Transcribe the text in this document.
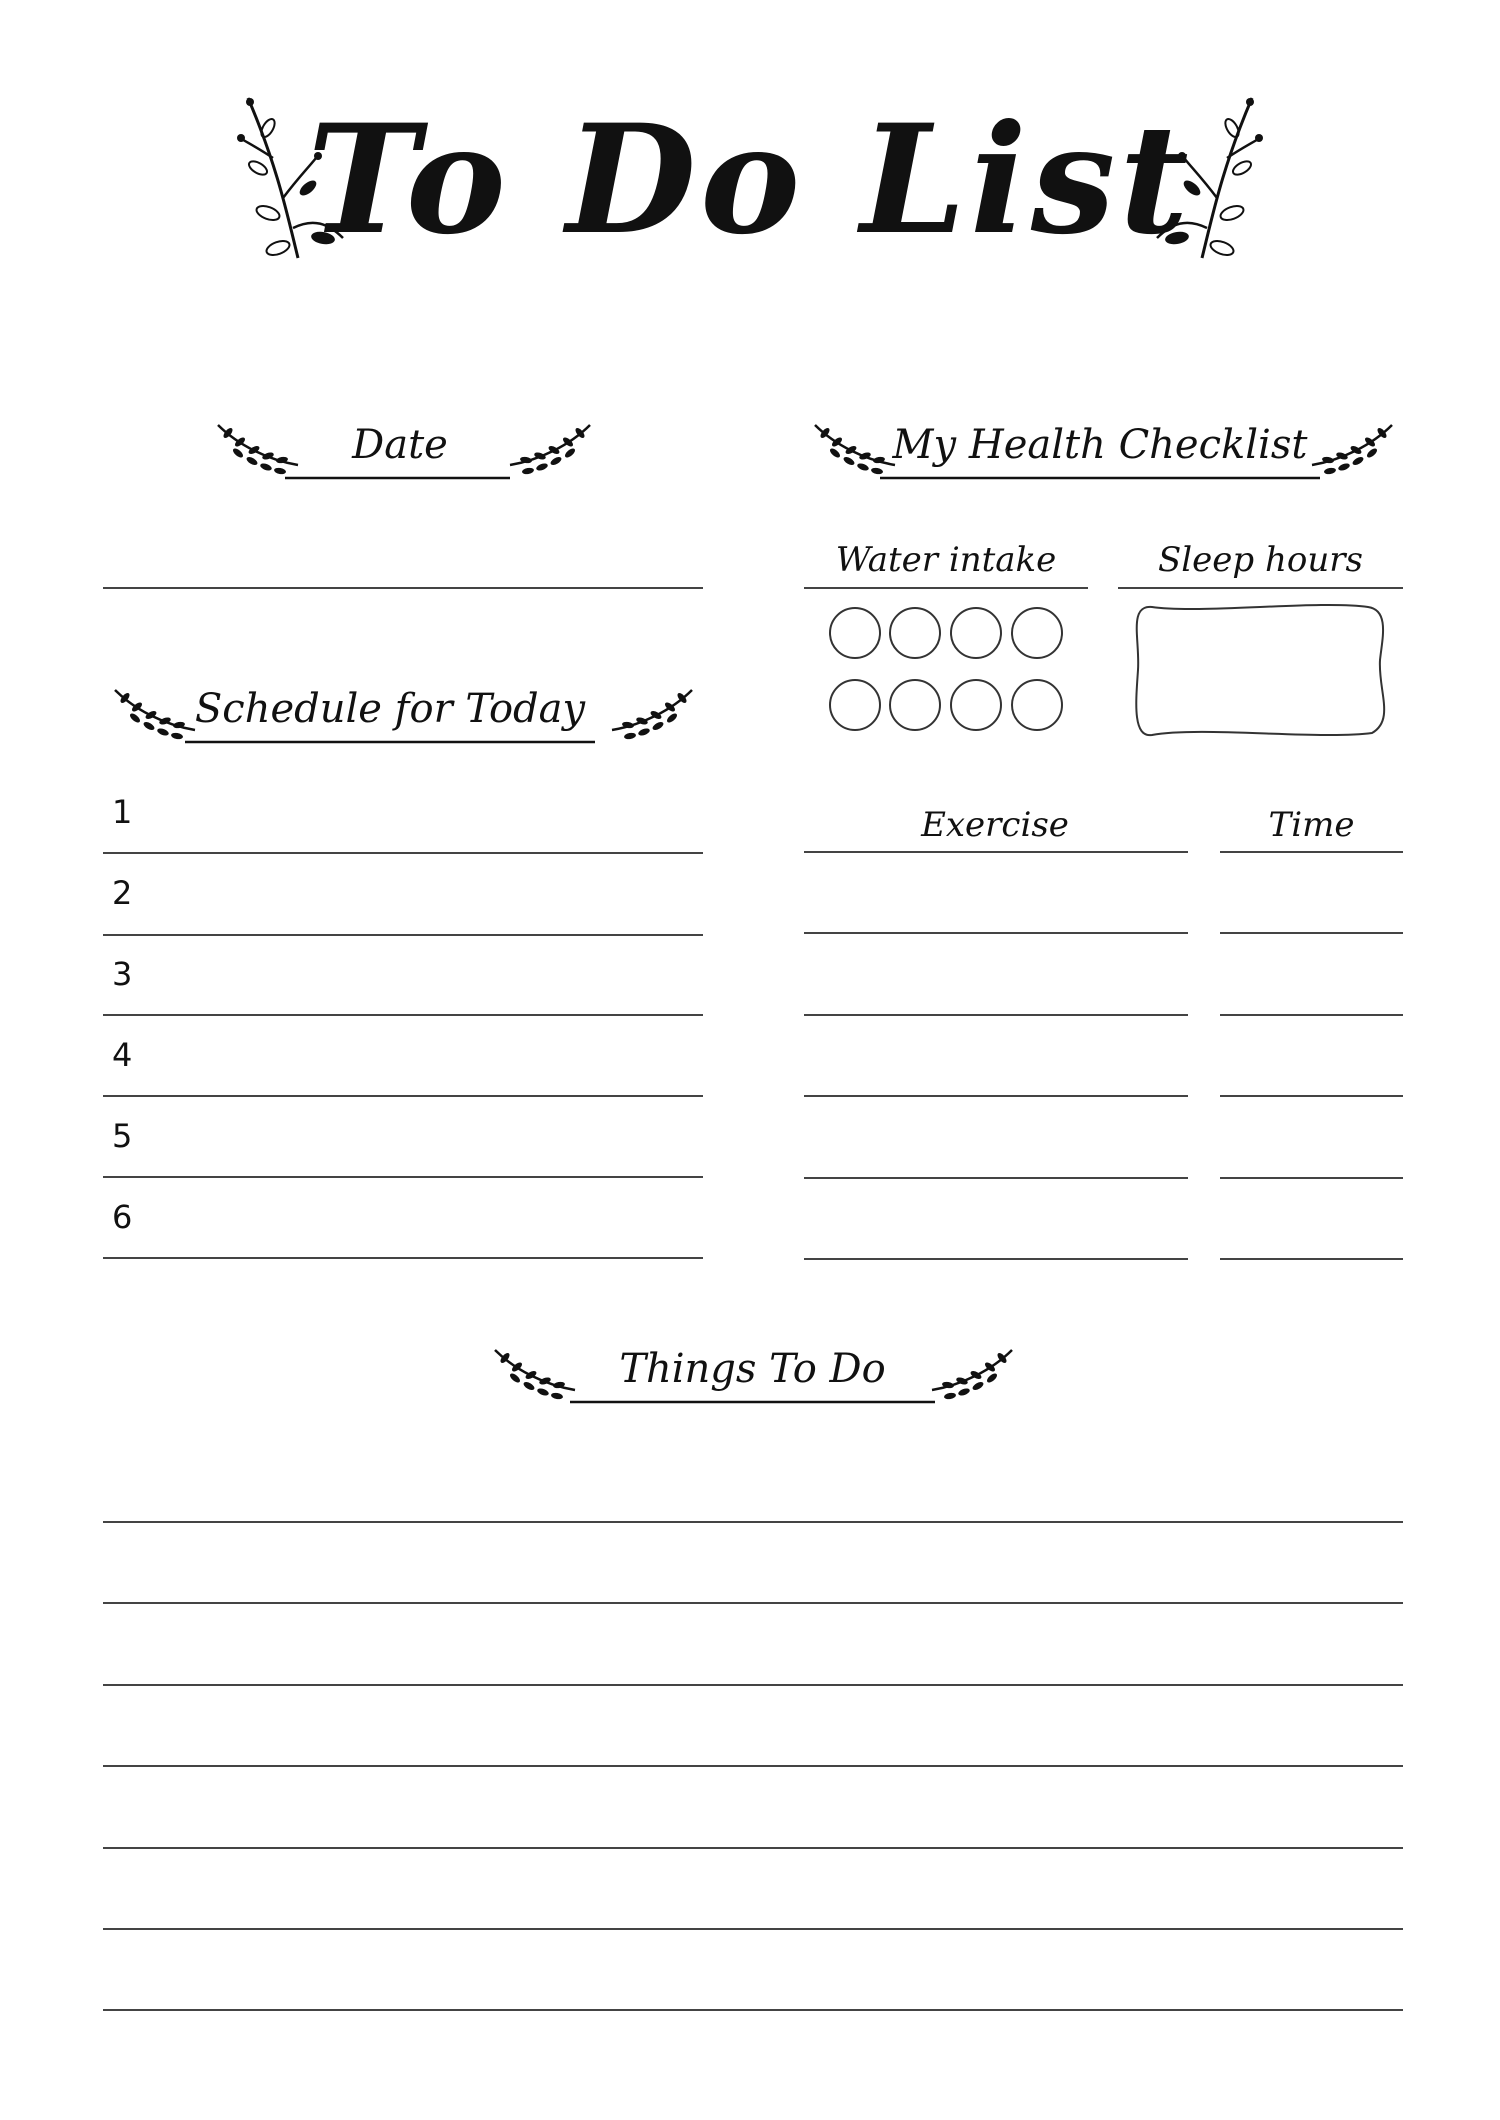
To Do List
Date	My Health Checklist
Schedule for Today
Things To Do
Water intake	Sleep hours
Exercise	Time
1
2
3
4
5
6
